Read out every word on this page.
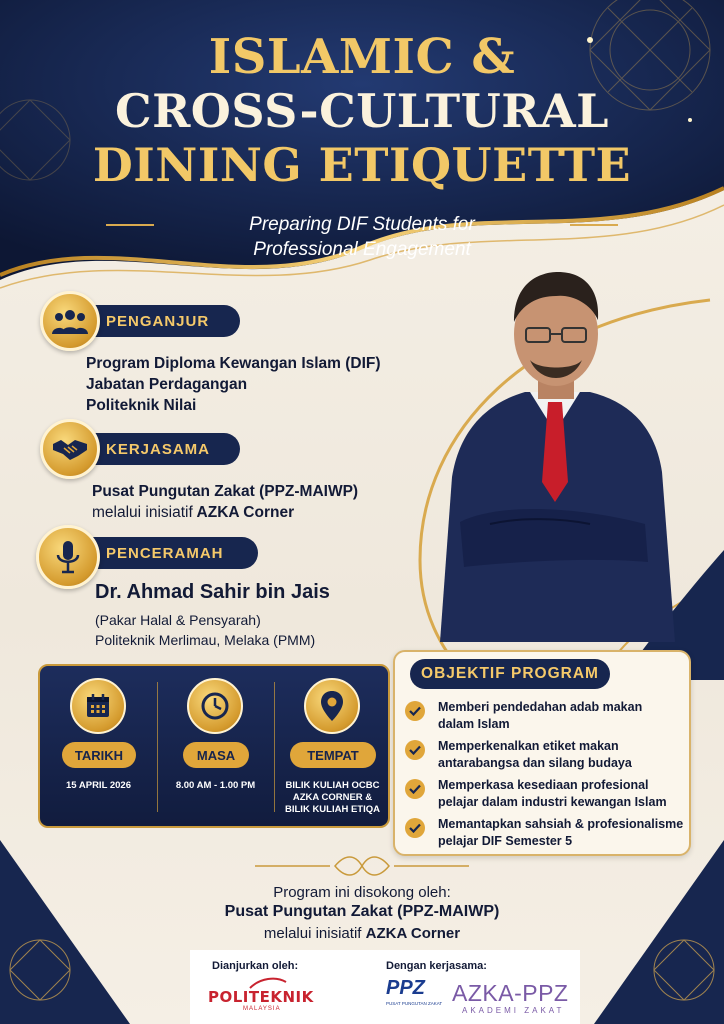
ISLAMIC &
CROSS-CULTURAL
DINING ETIQUETTE
Preparing DIF Students for
Professional Engagement
PENGANJUR
Program Diploma Kewangan Islam (DIF)
Jabatan Perdagangan
Politeknik Nilai
KERJASAMA
Pusat Pungutan Zakat (PPZ-MAIWP)
melalui inisiatif AZKA Corner
PENCERAMAH
Dr. Ahmad Sahir bin Jais
(Pakar Halal & Pensyarah)
Politeknik Merlimau, Melaka (PMM)
TARIKH
15 APRIL 2026
MASA
8.00 AM - 1.00 PM
TEMPAT
BILIK KULIAH OCBC
AZKA CORNER &
BILIK KULIAH ETIQA
OBJEKTIF PROGRAM
Memberi pendedahan adab makan
dalam Islam
Memperkenalkan etiket makan
antarabangsa dan silang budaya
Memperkasa kesediaan profesional
pelajar dalam industri kewangan Islam
Memantapkan sahsiah & profesionalisme
pelajar DIF Semester 5
Program ini disokong oleh:
Pusat Pungutan Zakat (PPZ-MAIWP)
melalui inisiatif AZKA Corner
Dianjurkan oleh:	Dengan kerjasama:
POLITEKNIK
MALAYSIA
PPZ
PUSAT PUNGUTAN ZAKAT AZKA-PPZ
AKADEMI ZAKAT
